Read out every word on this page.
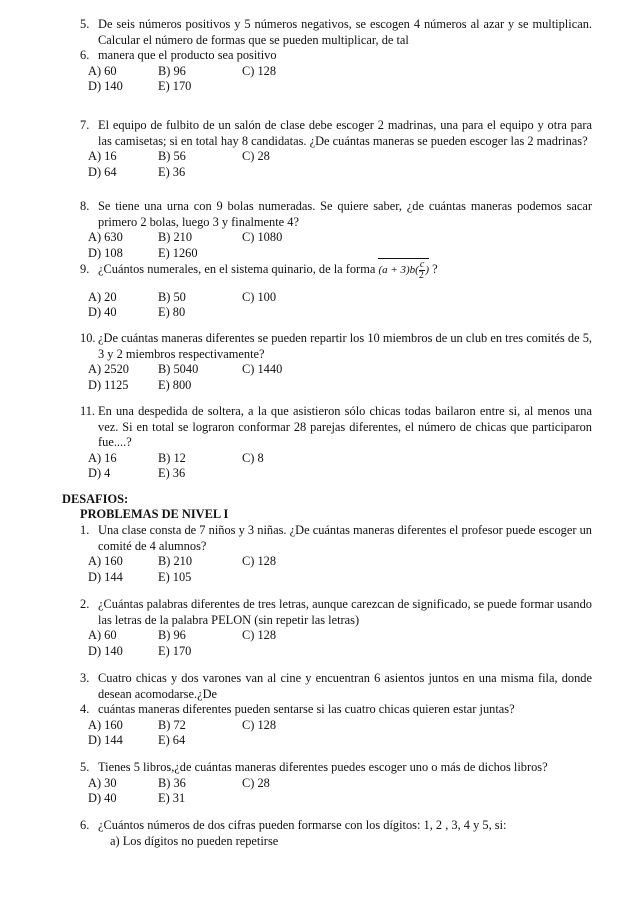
5. De seis números positivos y 5 números negativos, se escogen 4 números al azar y se multiplican. Calcular el número de formas que se pueden multiplicar, de tal
6. manera que el producto sea positivo
A) 60	B) 96	C) 128
D) 140	E) 170
7. El equipo de fulbito de un salón de clase debe escoger 2 madrinas, una para el equipo y otra para las camisetas; si en total hay 8 candidatas. ¿De cuántas maneras se pueden escoger las 2 madrinas?
A) 16	B) 56	C) 28
D) 64	E) 36
8. Se tiene una urna con 9 bolas numeradas. Se quiere saber, ¿de cuántas maneras podemos sacar primero 2 bolas, luego 3 y finalmente 4?
A) 630	B) 210	C) 1080
D) 108	E) 1260
9. ¿Cuántos numerales, en el sistema quinario, de la forma $(a + 3)b( \frac{c}{2}$ ) ?
A) 20	B) 50	C) 100
D) 40	E) 80
10. ¿De cuántas maneras diferentes se pueden repartir los 10 miembros de un club en tres comités de 5, 3 y 2 miembros respectivamente?
A) 2520 B) 5040	C) 1440
D) 1125 E) 800
11. En una despedida de soltera, a la que asistieron sólo chicas todas bailaron entre si, al menos una vez. Si en total se lograron conformar 28 parejas diferentes, el número de chicas que participaron fue....?
A) 16	B) 12	C) 8
D) 4	E) 36
DESAFIOS:
PROBLEMAS DE NIVEL I
1. Una clase consta de 7 niños y 3 niñas. ¿De cuántas maneras diferentes el profesor puede escoger un comité de 4 alumnos?
A) 160	B) 210	C) 128
D) 144	E) 105
2. ¿Cuántas palabras diferentes de tres letras, aunque carezcan de significado, se puede formar usando las letras de la palabra PELON (sin repetir las letras)
A) 60	B) 96	C) 128
D) 140	E) 170
3. Cuatro chicas y dos varones van al cine y encuentran 6 asientos juntos en una misma fila, donde desean acomodarse.¿De
4. cuántas maneras diferentes pueden sentarse si las cuatro chicas quieren estar juntas?
A) 160	B) 72	C) 128
D) 144	E) 64
5. Tienes 5 libros,¿de cuántas maneras diferentes puedes escoger uno o más de dichos libros?
A) 30	B) 36	C) 28
D) 40	E) 31
6. ¿Cuántos números de dos cifras pueden formarse con los dígitos: 1, 2 , 3, 4 y 5, si:
a) Los dígitos no pueden repetirse
